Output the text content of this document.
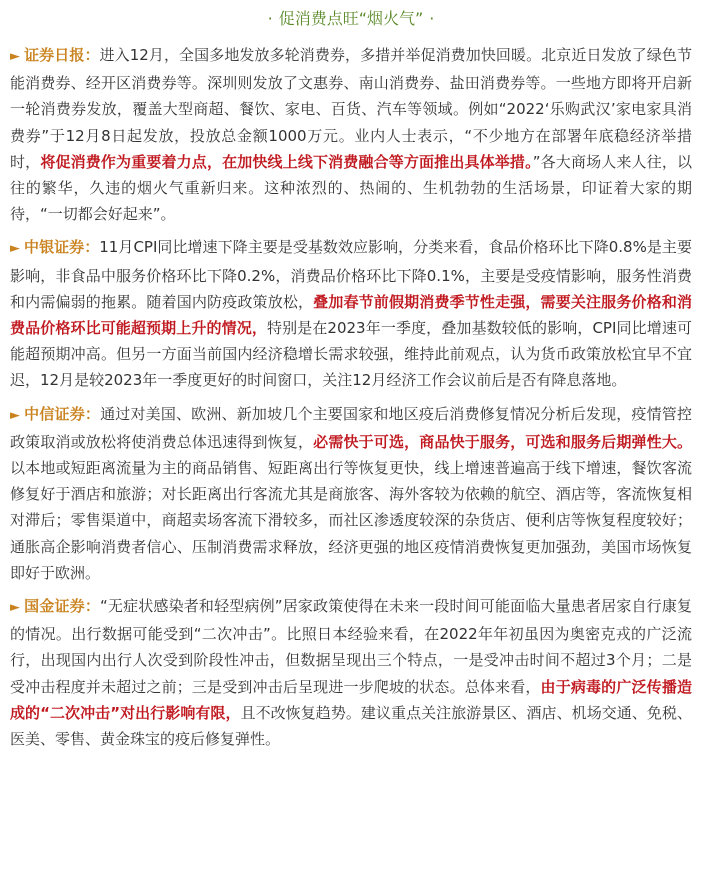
· 促消费点旺“烟火气” ·

► 证券日报：进入12月，全国多地发放多轮消费券，多措并举促消费加快回暖。北京近日发放了绿色节能消费券、经开区消费券等。深圳则发放了文惠券、南山消费券、盐田消费券等。一些地方即将开启新一轮消费券发放，覆盖大型商超、餐饮、家电、百货、汽车等领域。例如“2022‘乐购武汉’家电家具消费券”于12月8日起发放，投放总金额1000万元。业内人士表示，“不少地方在部署年底稳经济举措时，将促消费作为重要着力点，在加快线上线下消费融合等方面推出具体举措。”各大商场人来人往，以往的繁华，久违的烟火气重新归来。这种浓烈的、热闹的、生机勃勃的生活场景，印证着大家的期待，“一切都会好起来”。

► 中银证券：11月CPI同比增速下降主要是受基数效应影响，分类来看，食品价格环比下降0.8%是主要影响，非食品中服务价格环比下降0.2%，消费品价格环比下降0.1%，主要是受疫情影响，服务性消费和内需偏弱的拖累。随着国内防疫政策放松，叠加春节前假期消费季节性走强，需要关注服务价格和消费品价格环比可能超预期上升的情况，特别是在2023年一季度，叠加基数较低的影响，CPI同比增速可能超预期冲高。但另一方面当前国内经济稳增长需求较强，维持此前观点，认为货币政策放松宜早不宜迟，12月是较2023年一季度更好的时间窗口，关注12月经济工作会议前后是否有降息落地。

► 中信证券：通过对美国、欧洲、新加坡几个主要国家和地区疫后消费修复情况分析后发现，疫情管控政策取消或放松将使消费总体迅速得到恢复，必需快于可选，商品快于服务，可选和服务后期弹性大。以本地或短距离流量为主的商品销售、短距离出行等恢复更快，线上增速普遍高于线下增速，餐饮客流修复好于酒店和旅游；对长距离出行客流尤其是商旅客、海外客较为依赖的航空、酒店等，客流恢复相对滞后；零售渠道中，商超卖场客流下滑较多，而社区渗透度较深的杂货店、便利店等恢复程度较好；通胀高企影响消费者信心、压制消费需求释放，经济更强的地区疫情消费恢复更加强劲，美国市场恢复即好于欧洲。

► 国金证券：“无症状感染者和轻型病例”居家政策使得在未来一段时间可能面临大量患者居家自行康复的情况。出行数据可能受到“二次冲击”。比照日本经验来看，在2022年年初虽因为奥密克戎的广泛流行，出现国内出行人次受到阶段性冲击，但数据呈现出三个特点，一是受冲击时间不超过3个月；二是受冲击程度并未超过之前；三是受到冲击后呈现进一步爬坡的状态。总体来看，由于病毒的广泛传播造成的“二次冲击”对出行影响有限，且不改恢复趋势。建议重点关注旅游景区、酒店、机场交通、免税、医美、零售、黄金珠宝的疫后修复弹性。
